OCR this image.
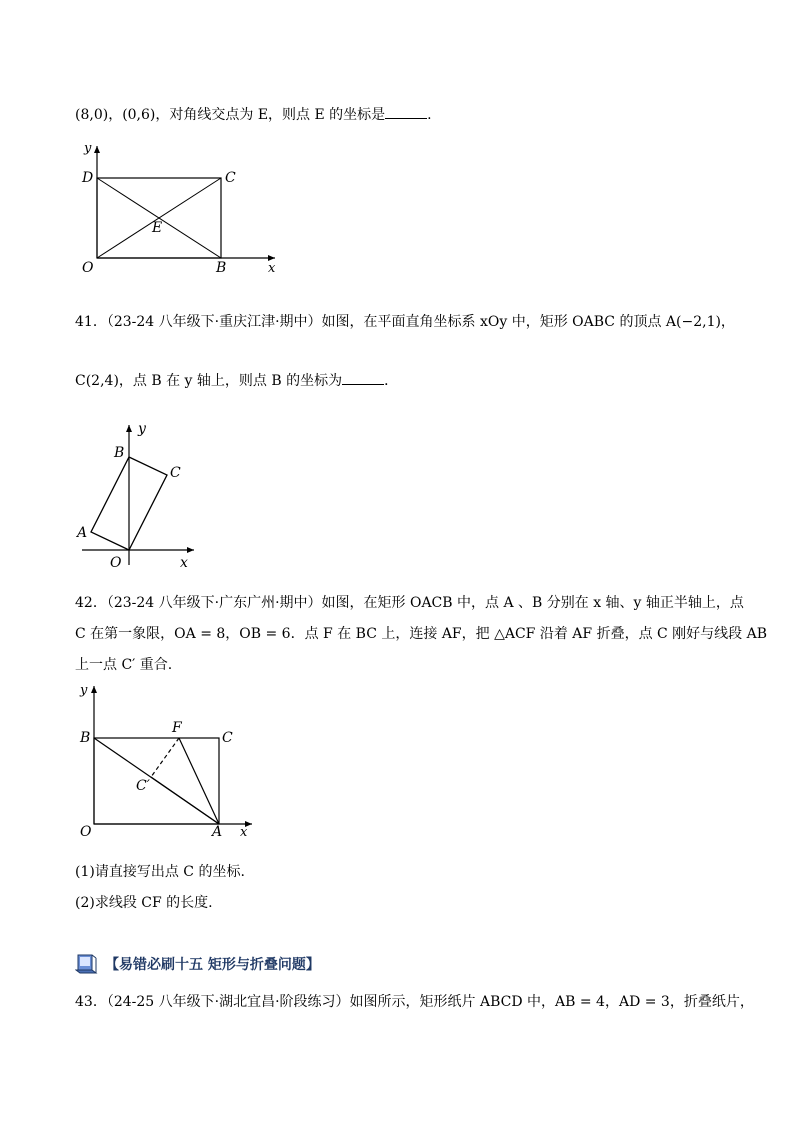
(8,0)，(0,6)，对角线交点为 E，则点 E 的坐标是	.
y
D	C
E
O	B	x
41．（23-24 八年级下·重庆江津·期中）如图，在平面直角坐标系 xOy 中，矩形 OABC 的顶点 A(−2,1)，
C(2,4)，点 B 在 y 轴上，则点 B 的坐标为	．
y
B
C
A
O	x
42．（23-24 八年级下·广东广州·期中）如图，在矩形 OACB 中，点 A 、B 分别在 x 轴、y 轴正半轴上，点
C 在第一象限，OA = 8，OB = 6．点 F 在 BC 上，连接 AF，把 △ACF 沿着 AF 折叠，点 C 刚好与线段 AB
上一点 C′ 重合.
y
B
F
C
C′
O	A x
(1)请直接写出点 C 的坐标.
(2)求线段 CF 的长度.
【易错必刷十五 矩形与折叠问题】
43．（24-25 八年级下·湖北宜昌·阶段练习）如图所示，矩形纸片 ABCD 中，AB = 4，AD = 3，折叠纸片，
